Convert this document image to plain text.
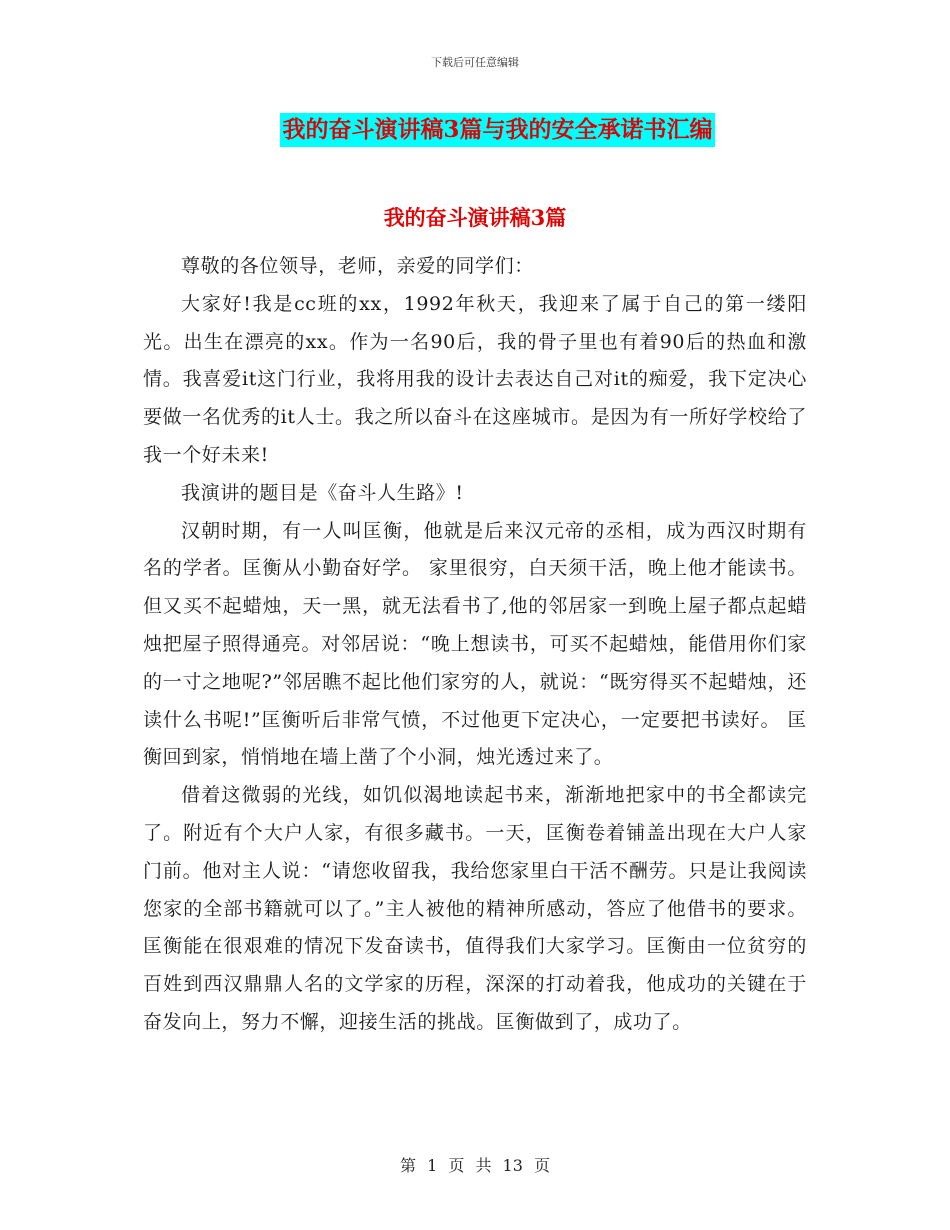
下载后可任意编辑
我的奋斗演讲稿3篇与我的安全承诺书汇编
我的奋斗演讲稿3篇

尊敬的各位领导，老师，亲爱的同学们：

大家好!我是cc班的xx，1992年秋天，我迎来了属于自己的第一缕阳光。出生在漂亮的xx。作为一名90后，我的骨子里也有着90后的热血和激情。我喜爱it这门行业，我将用我的设计去表达自己对it的痴爱，我下定决心要做一名优秀的it人士。我之所以奋斗在这座城市。是因为有一所好学校给了我一个好未来!

我演讲的题目是《奋斗人生路》!

汉朝时期，有一人叫匡衡，他就是后来汉元帝的丞相，成为西汉时期有名的学者。匡衡从小勤奋好学。 家里很穷，白天须干活，晚上他才能读书。但又买不起蜡烛，天一黑，就无法看书了,他的邻居家一到晚上屋子都点起蜡烛把屋子照得通亮。对邻居说：“晚上想读书，可买不起蜡烛，能借用你们家的一寸之地呢?”邻居瞧不起比他们家穷的人，就说：“既穷得买不起蜡烛，还读什么书呢!”匡衡听后非常气愤，不过他更下定决心，一定要把书读好。 匡衡回到家，悄悄地在墙上凿了个小洞，烛光透过来了。

借着这微弱的光线，如饥似渴地读起书来，渐渐地把家中的书全都读完了。附近有个大户人家，有很多藏书。一天，匡衡卷着铺盖出现在大户人家门前。他对主人说：“请您收留我，我给您家里白干活不酬劳。只是让我阅读您家的全部书籍就可以了。”主人被他的精神所感动，答应了他借书的要求。匡衡能在很艰难的情况下发奋读书，值得我们大家学习。匡衡由一位贫穷的百姓到西汉鼎鼎人名的文学家的历程，深深的打动着我，他成功的关键在于奋发向上，努力不懈，迎接生活的挑战。匡衡做到了，成功了。

第 1 页 共 13 页
